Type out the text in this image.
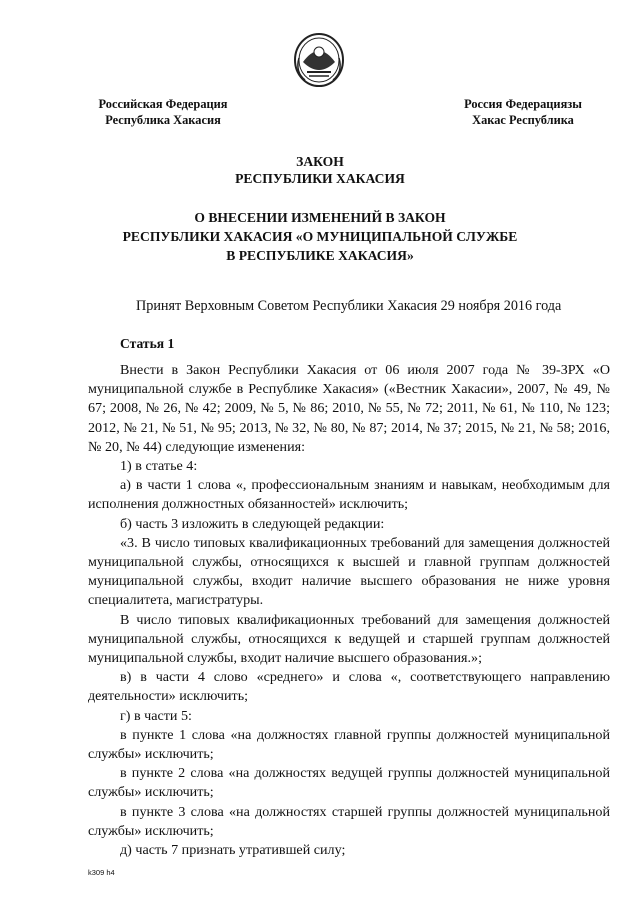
Российская Федерация
Республика Хакасия
Россия Федерациязы
Хакас Республика
ЗАКОН
РЕСПУБЛИКИ ХАКАСИЯ
О ВНЕСЕНИИ ИЗМЕНЕНИЙ В ЗАКОН
РЕСПУБЛИКИ ХАКАСИЯ «О МУНИЦИПАЛЬНОЙ СЛУЖБЕ
В РЕСПУБЛИКЕ ХАКАСИЯ»
Принят Верховным Советом Республики Хакасия 29 ноября 2016 года
Статья 1

Внести в Закон Республики Хакасия от 06 июля 2007 года № 39-ЗРХ «О муниципальной службе в Республике Хакасия» («Вестник Хакасии», 2007, № 49, № 67; 2008, № 26, № 42; 2009, № 5, № 86; 2010, № 55, № 72; 2011, № 61, № 110, № 123; 2012, № 21, № 51, № 95; 2013, № 32, № 80, № 87; 2014, № 37; 2015, № 21, № 58; 2016, № 20, № 44) следующие изменения:

1) в статье 4:

а) в части 1 слова «, профессиональным знаниям и навыкам, необходимым для исполнения должностных обязанностей» исключить;

б) часть 3 изложить в следующей редакции:

«3. В число типовых квалификационных требований для замещения должностей муниципальной службы, относящихся к высшей и главной группам должностей муниципальной службы, входит наличие высшего образования не ниже уровня специалитета, магистратуры.

В число типовых квалификационных требований для замещения должностей муниципальной службы, относящихся к ведущей и старшей группам должностей муниципальной службы, входит наличие высшего образования.»;

в) в части 4 слово «среднего» и слова «, соответствующего направлению деятельности» исключить;

г) в части 5:

в пункте 1 слова «на должностях главной группы должностей муниципальной службы» исключить;

в пункте 2 слова «на должностях ведущей группы должностей муниципальной службы» исключить;

в пункте 3 слова «на должностях старшей группы должностей муниципальной службы» исключить;

д) часть 7 признать утратившей силу;

k309 h4
